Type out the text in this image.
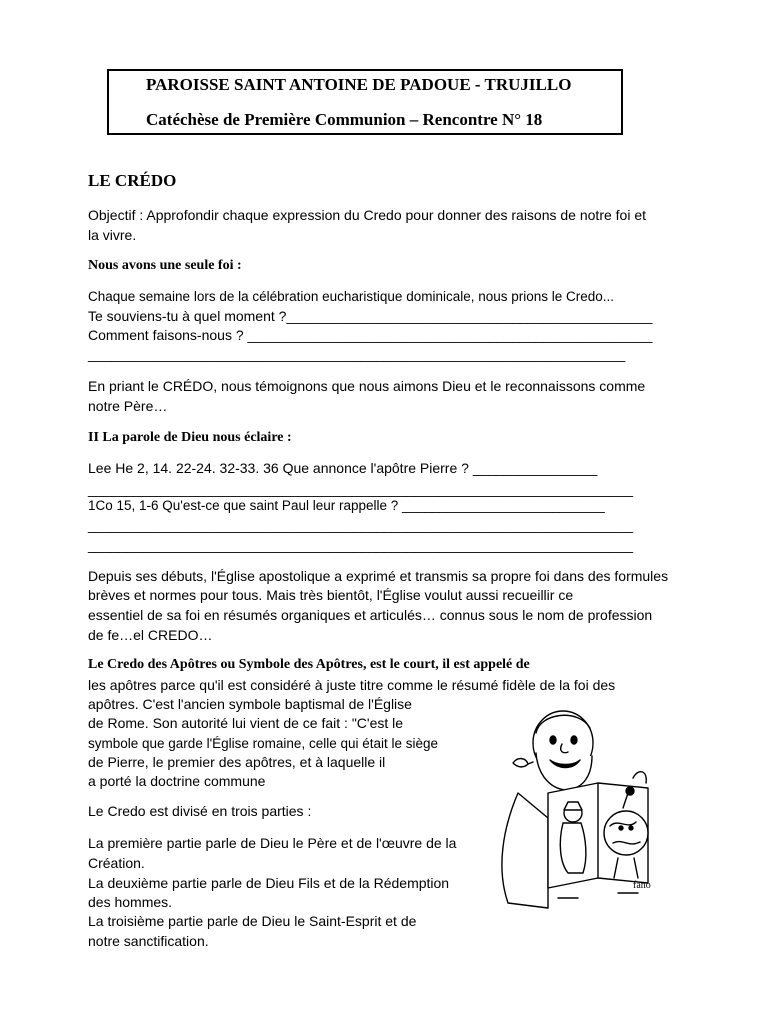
PAROISSE SAINT ANTOINE DE PADOUE - TRUJILLO
Catéchèse de Première Communion – Rencontre N° 18
LE CRÉDO
Objectif : Approfondir chaque expression du Credo pour donner des raisons de notre foi et
la vivre.
Nous avons une seule foi :
Chaque semaine lors de la célébration eucharistique dominicale, nous prions le Credo...
Te souviens-tu à quel moment ?_______________________________________________
Comment faisons-nous ? ____________________________________________________
_____________________________________________________________________
En priant le CRÉDO, nous témoignons que nous aimons Dieu et le reconnaissons comme
notre Père…
II La parole de Dieu nous éclaire :
Lee He 2, 14. 22-24. 32-33. 36 Que annonce l'apôtre Pierre ? ________________
______________________________________________________________________
1Co 15, 1-6 Qu'est-ce que saint Paul leur rappelle ? ___________________________
______________________________________________________________________
______________________________________________________________________
Depuis ses débuts, l'Église apostolique a exprimé et transmis sa propre foi dans des formules
brèves et normes pour tous. Mais très bientôt, l'Église voulut aussi recueillir ce
essentiel de sa foi en résumés organiques et articulés… connus sous le nom de profession
de fe…el CREDO…
Le Credo des Apôtres ou Symbole des Apôtres, est le court, il est appelé de
les apôtres parce qu'il est considéré à juste titre comme le résumé fidèle de la foi des
apôtres. C'est l'ancien symbole baptismal de l'Église
de Rome. Son autorité lui vient de ce fait : "C'est le
symbole que garde l'Église romaine, celle qui était le siège
de Pierre, le premier des apôtres, et à laquelle il
a porté la doctrine commune
Le Credo est divisé en trois parties :
La première partie parle de Dieu le Père et de l'œuvre de la
Création.
La deuxième partie parle de Dieu Fils et de la Rédemption
des hommes.
La troisième partie parle de Dieu le Saint-Esprit et de
notre sanctification.
fano
